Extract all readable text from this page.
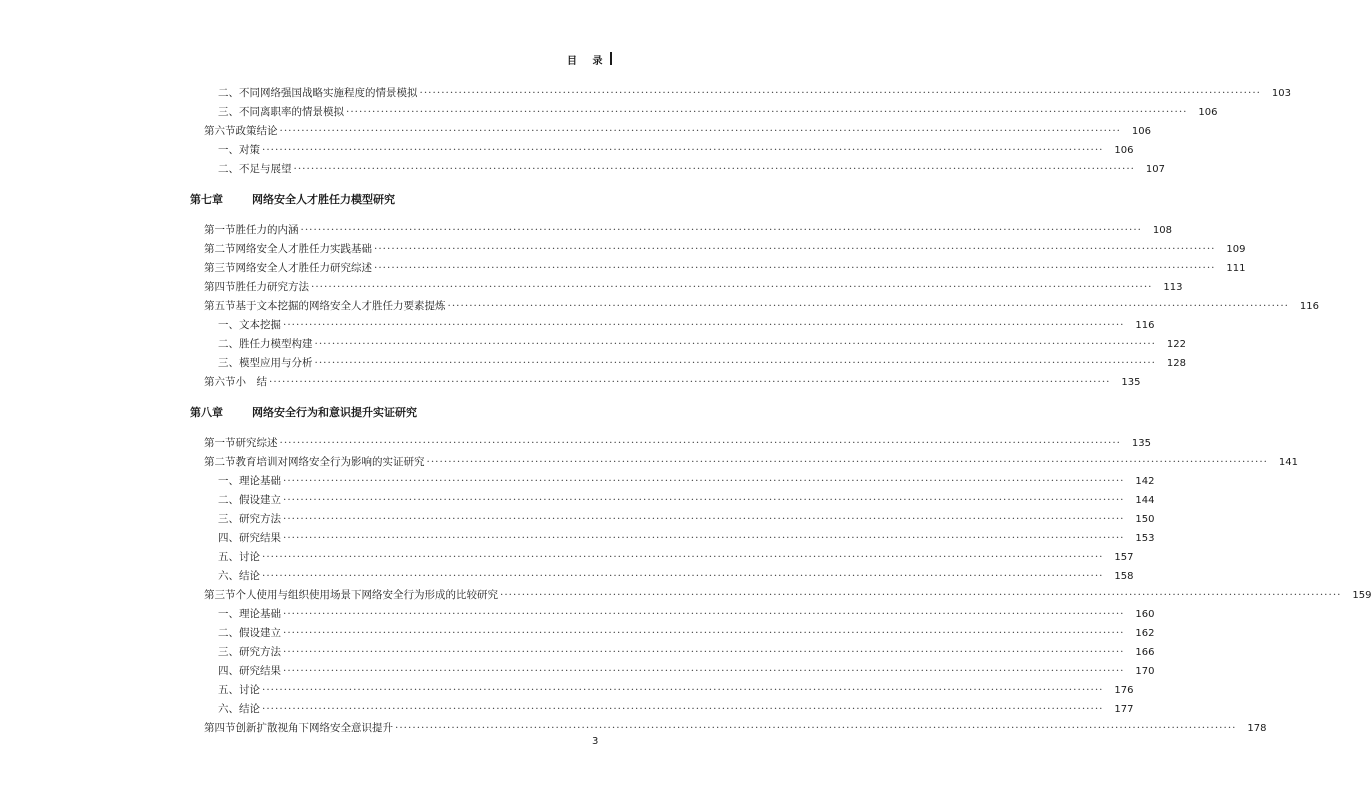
目 录
二、不同网络强国战略实施程度的情景模拟 ·····	103
三、不同离职率的情景模拟 ·····	106
第六节 政策结论 ·····	106
一、对策 ·····	106
二、不足与展望 ·····	107
第七章	网络安全人才胜任力模型研究
第一节 胜任力的内涵 ·····	108
第二节 网络安全人才胜任力实践基础 ·····	109
第三节 网络安全人才胜任力研究综述 ·····	111
第四节 胜任力研究方法 ·····	113
第五节 基于文本挖掘的网络安全人才胜任力要素提炼 ·····	116
一、文本挖掘 ·····	116
二、胜任力模型构建 ·····	122
三、模型应用与分析 ·····	128
第六节 小　结 ·····	135
第八章	网络安全行为和意识提升实证研究
第一节 研究综述 ·····	135
第二节 教育培训对网络安全行为影响的实证研究 ·····	141
一、理论基础 ·····	142
二、假设建立 ·····	144
三、研究方法 ·····	150
四、研究结果 ·····	153
五、讨论 ·····	157
六、结论 ·····	158
第三节 个人使用与组织使用场景下网络安全行为形成的比较研究 ·····	159
一、理论基础 ·····	160
二、假设建立 ·····	162
三、研究方法 ·····	166
四、研究结果 ·····	170
五、讨论 ·····	176
六、结论 ·····	177
第四节 创新扩散视角下网络安全意识提升 ·····	178
3
